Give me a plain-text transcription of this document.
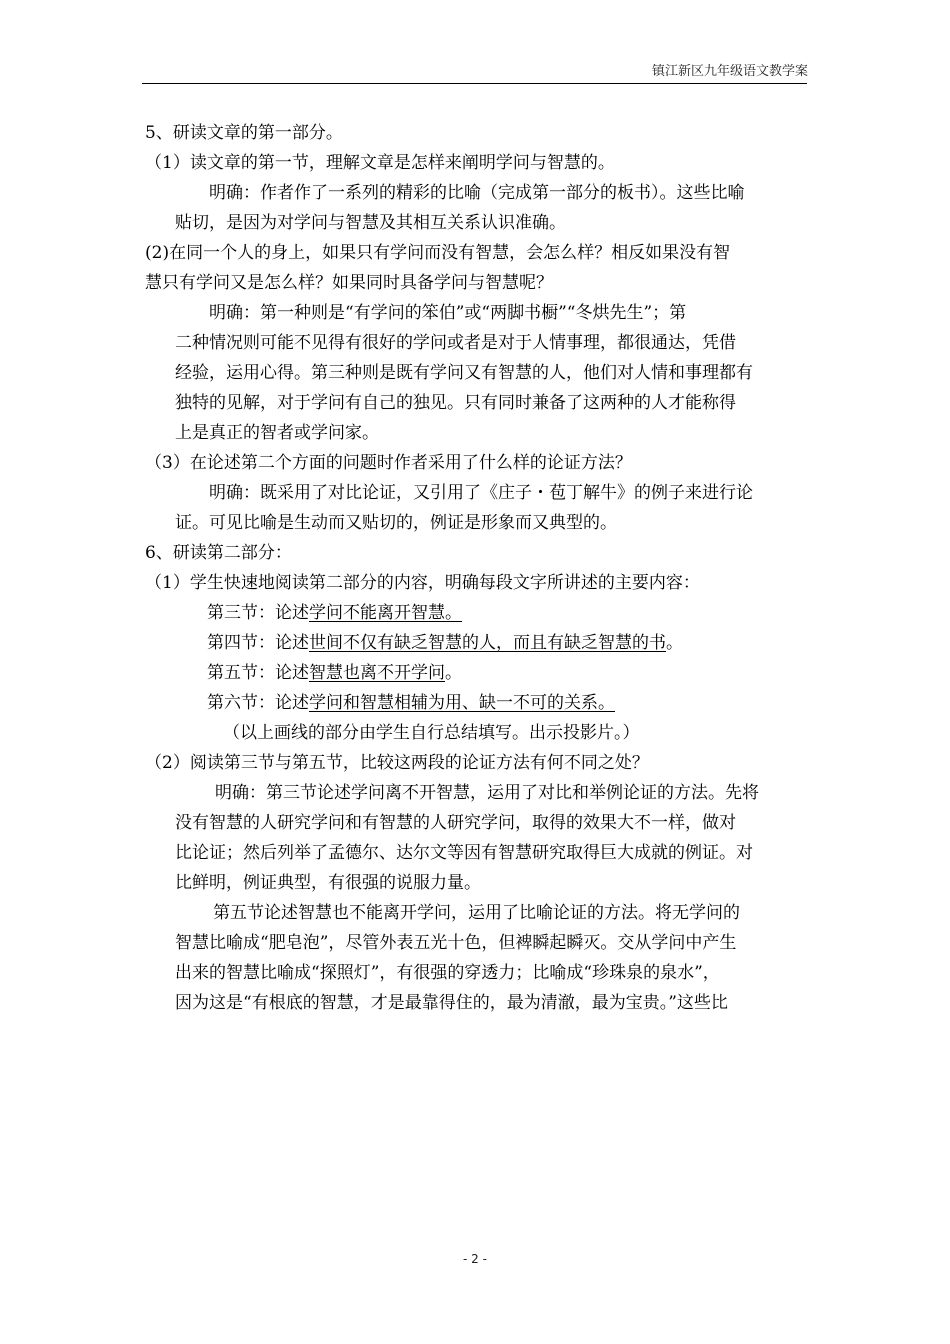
镇江新区九年级语文教学案
5、研读文章的第一部分。
（1）读文章的第一节，理解文章是怎样来阐明学问与智慧的。
明确：作者作了一系列的精彩的比喻（完成第一部分的板书）。这些比喻
贴切，是因为对学问与智慧及其相互关系认识准确。
(2)在同一个人的身上，如果只有学问而没有智慧，会怎么样？相反如果没有智
慧只有学问又是怎么样？如果同时具备学问与智慧呢？
明确：第一种则是“有学问的笨伯”或“两脚书橱”“冬烘先生”；第
二种情况则可能不见得有很好的学问或者是对于人情事理，都很通达，凭借
经验，运用心得。第三种则是既有学问又有智慧的人，他们对人情和事理都有
独特的见解，对于学问有自己的独见。只有同时兼备了这两种的人才能称得
上是真正的智者或学问家。
（3）在论述第二个方面的问题时作者采用了什么样的论证方法？
明确：既采用了对比论证，又引用了《庄子・苞丁解牛》的例子来进行论
证。可见比喻是生动而又贴切的，例证是形象而又典型的。
6、研读第二部分：
（1）学生快速地阅读第二部分的内容，明确每段文字所讲述的主要内容：
第三节：论述学问不能离开智慧。
第四节：论述世间不仅有缺乏智慧的人，而且有缺乏智慧的书。
第五节：论述智慧也离不开学问。
第六节：论述学问和智慧相辅为用、缺一不可的关系。
（以上画线的部分由学生自行总结填写。出示投影片。）
（2）阅读第三节与第五节，比较这两段的论证方法有何不同之处？
明确：第三节论述学问离不开智慧，运用了对比和举例论证的方法。先将
没有智慧的人研究学问和有智慧的人研究学问，取得的效果大不一样，做对
比论证；然后列举了孟德尔、达尔文等因有智慧研究取得巨大成就的例证。对
比鲜明，例证典型，有很强的说服力量。
第五节论述智慧也不能离开学问，运用了比喻论证的方法。将无学问的
智慧比喻成“肥皂泡”，尽管外表五光十色，但裨瞬起瞬灭。交从学问中产生
出来的智慧比喻成“探照灯”，有很强的穿透力；比喻成“珍珠泉的泉水”，
因为这是“有根底的智慧，才是最靠得住的，最为清澈，最为宝贵。”这些比
- 2 -
